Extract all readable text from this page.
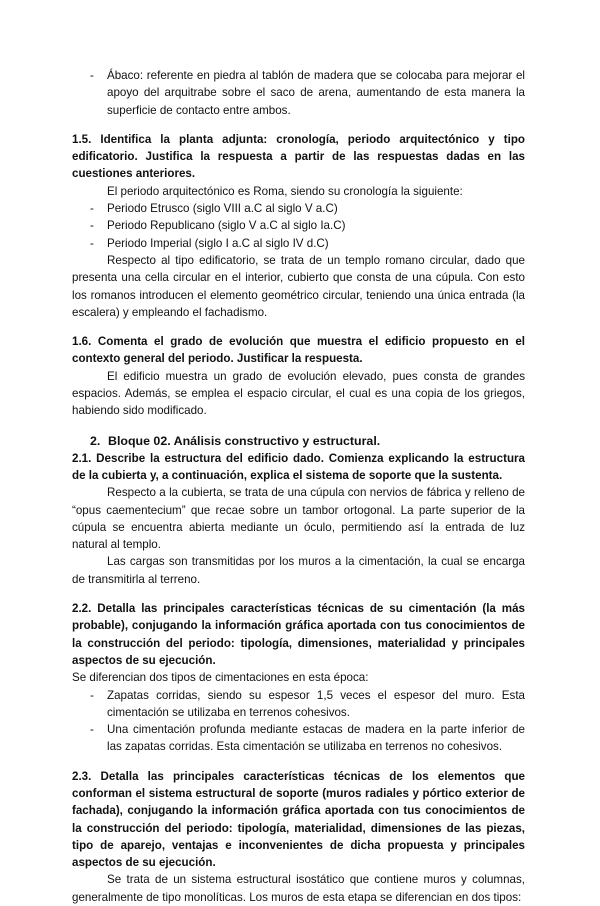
- Ábaco: referente en piedra al tablón de madera que se colocaba para mejorar el apoyo del arquitrabe sobre el saco de arena, aumentando de esta manera la superficie de contacto entre ambos.

1.5. Identifica la planta adjunta: cronología, periodo arquitectónico y tipo edificatorio. Justifica la respuesta a partir de las respuestas dadas en las cuestiones anteriores.

El periodo arquitectónico es Roma, siendo su cronología la siguiente:

- Periodo Etrusco (siglo VIII a.C al siglo V a.C)
- Periodo Republicano (siglo V a.C al siglo Ia.C)
- Periodo Imperial (siglo I a.C al siglo IV d.C)

Respecto al tipo edificatorio, se trata de un templo romano circular, dado que presenta una cella circular en el interior, cubierto que consta de una cúpula. Con esto los romanos introducen el elemento geométrico circular, teniendo una única entrada (la escalera) y empleando el fachadismo.

1.6. Comenta el grado de evolución que muestra el edificio propuesto en el contexto general del periodo. Justificar la respuesta.

El edificio muestra un grado de evolución elevado, pues consta de grandes espacios. Además, se emplea el espacio circular, el cual es una copia de los griegos, habiendo sido modificado.

2. Bloque 02. Análisis constructivo y estructural.

2.1. Describe la estructura del edificio dado. Comienza explicando la estructura de la cubierta y, a continuación, explica el sistema de soporte que la sustenta.

Respecto a la cubierta, se trata de una cúpula con nervios de fábrica y relleno de “opus caementecium” que recae sobre un tambor ortogonal. La parte superior de la cúpula se encuentra abierta mediante un óculo, permitiendo así la entrada de luz natural al templo.

Las cargas son transmitidas por los muros a la cimentación, la cual se encarga de transmitirla al terreno.

2.2. Detalla las principales características técnicas de su cimentación (la más probable), conjugando la información gráfica aportada con tus conocimientos de la construcción del periodo: tipología, dimensiones, materialidad y principales aspectos de su ejecución.

Se diferencian dos tipos de cimentaciones en esta época:

- Zapatas corridas, siendo su espesor 1,5 veces el espesor del muro. Esta cimentación se utilizaba en terrenos cohesivos.
- Una cimentación profunda mediante estacas de madera en la parte inferior de las zapatas corridas. Esta cimentación se utilizaba en terrenos no cohesivos.

2.3. Detalla las principales características técnicas de los elementos que conforman el sistema estructural de soporte (muros radiales y pórtico exterior de fachada), conjugando la información gráfica aportada con tus conocimientos de la construcción del periodo: tipología, materialidad, dimensiones de las piezas, tipo de aparejo, ventajas e inconvenientes de dicha propuesta y principales aspectos de su ejecución.

Se trata de un sistema estructural isostático que contiene muros y columnas, generalmente de tipo monolíticas. Los muros de esta etapa se diferencian en dos tipos:
